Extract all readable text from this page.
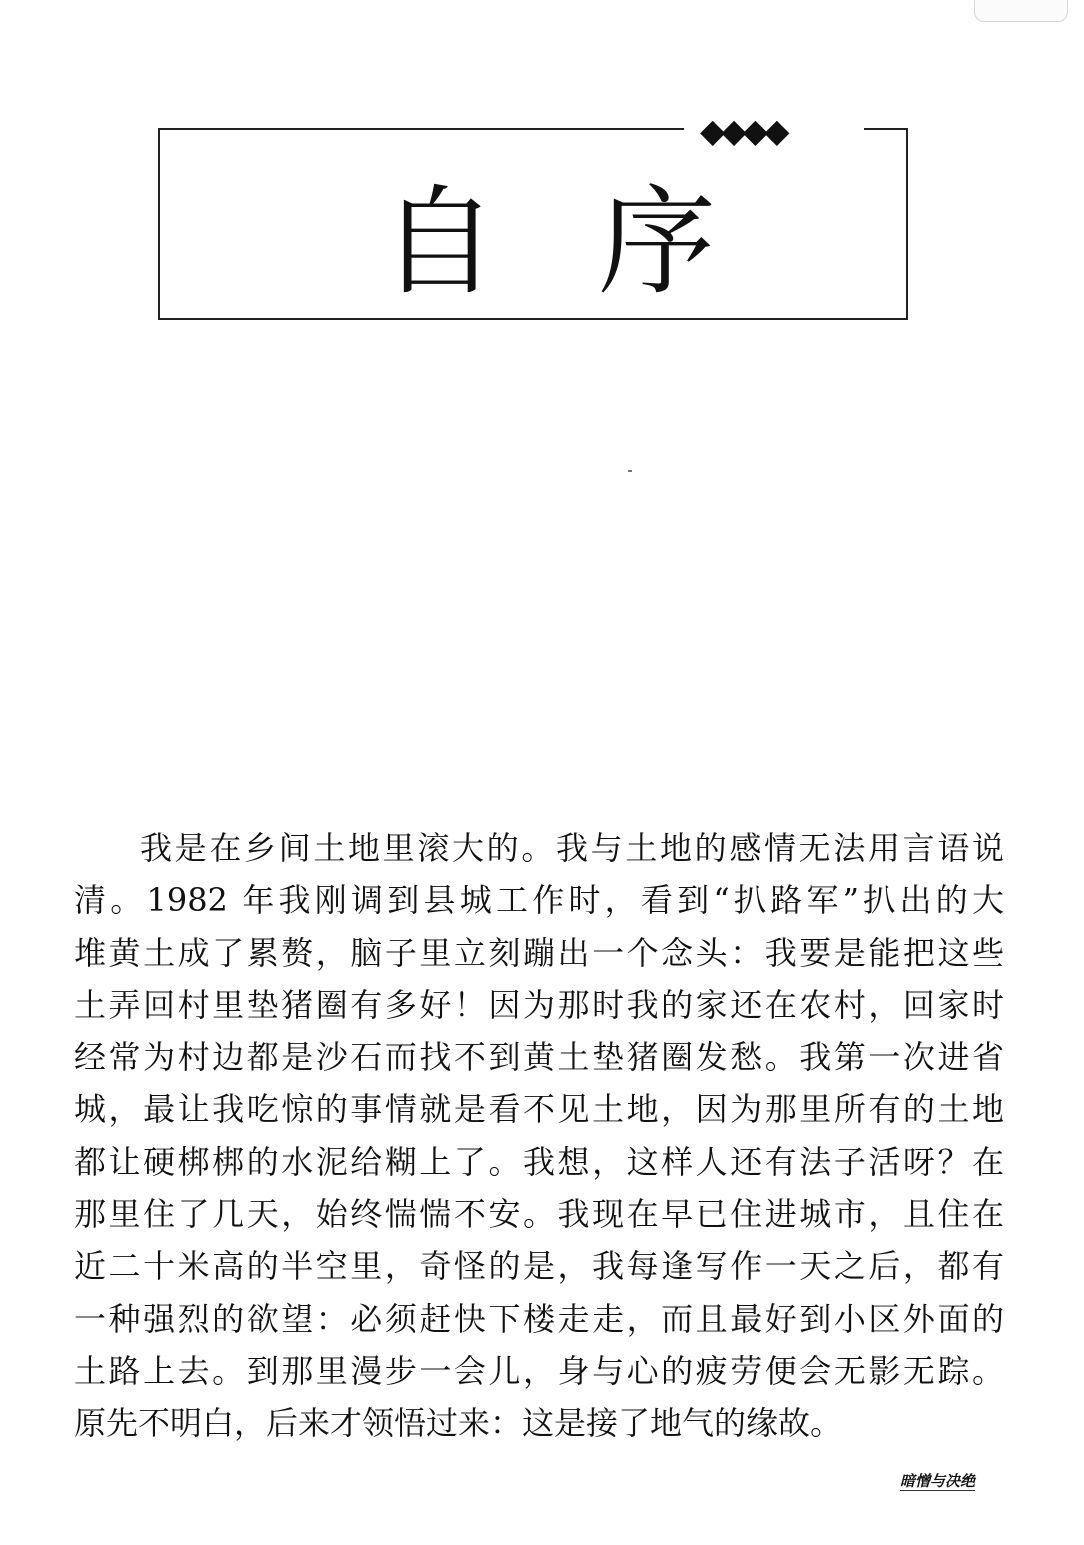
◆◆◆◆
自序
我是在乡间土地里滚大的。我与土地的感情无法用言语说
清。1982 年我刚调到县城工作时，看到“扒路军”扒出的大
堆黄土成了累赘，脑子里立刻蹦出一个念头：我要是能把这些
土弄回村里垫猪圈有多好！因为那时我的家还在农村，回家时
经常为村边都是沙石而找不到黄土垫猪圈发愁。我第一次进省
城，最让我吃惊的事情就是看不见土地，因为那里所有的土地
都让硬梆梆的水泥给糊上了。我想，这样人还有法子活呀？在
那里住了几天，始终惴惴不安。我现在早已住进城市，且住在
近二十米高的半空里，奇怪的是，我每逢写作一天之后，都有
一种强烈的欲望：必须赶快下楼走走，而且最好到小区外面的
土路上去。到那里漫步一会儿，身与心的疲劳便会无影无踪。
原先不明白，后来才领悟过来：这是接了地气的缘故。
暗憎与决绝
